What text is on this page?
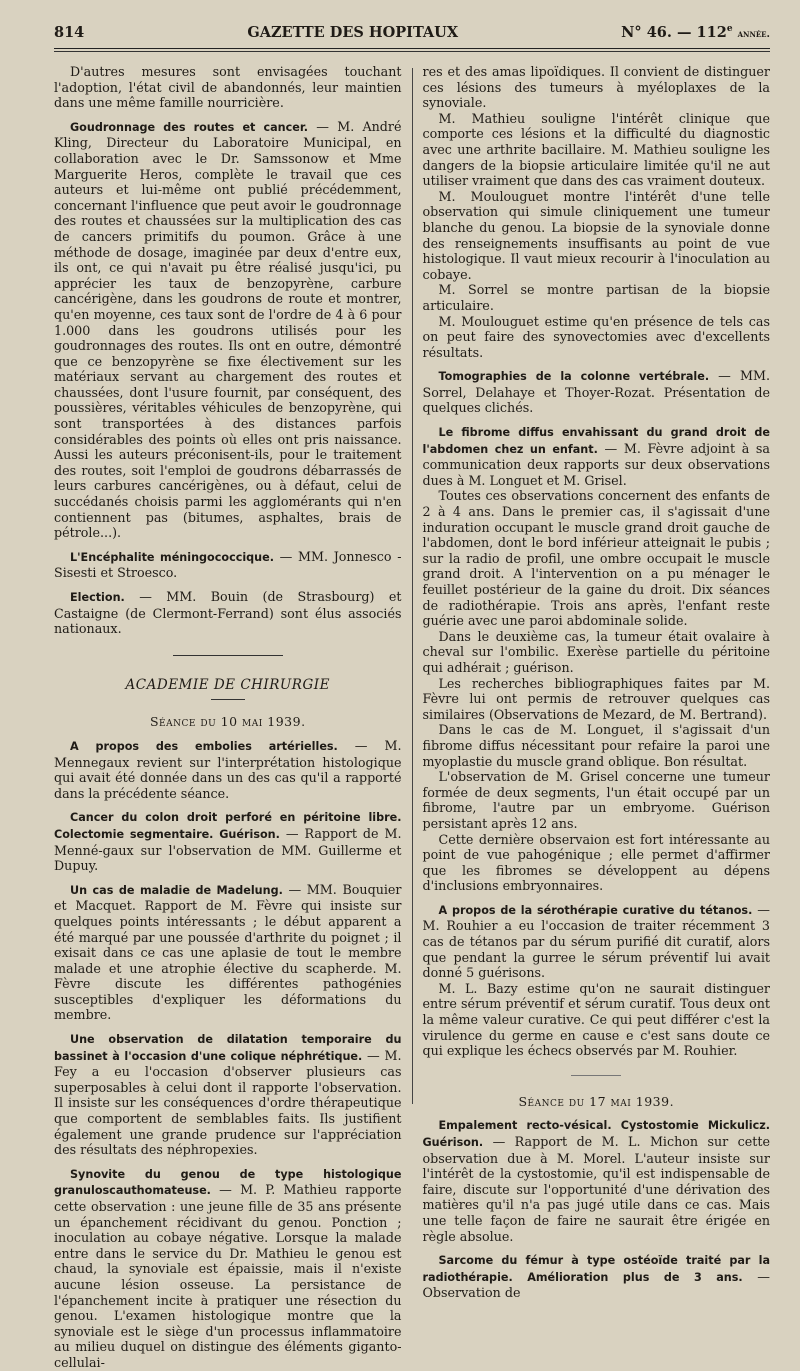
814	GAZETTE DES HOPITAUX	N° 46. — 112e année.

D'autres mesures sont envisagées touchant l'adoption, l'état civil de abandonnés, leur maintien dans une même famille nourricière.

Goudronnage des routes et cancer. — M. André Kling, Directeur du Laboratoire Municipal, en collaboration avec le Dr. Samssonow et Mme Marguerite Heros, complète le travail que ces auteurs et lui-même ont publié précédemment, concernant l'influence que peut avoir le goudronnage des routes et chaussées sur la multiplication des cas de cancers primitifs du poumon. Grâce à une méthode de dosage, imaginée par deux d'entre eux, ils ont, ce qui n'avait pu être réalisé jusqu'ici, pu apprécier les taux de benzopyrène, carbure cancérigène, dans les goudrons de route et montrer, qu'en moyenne, ces taux sont de l'ordre de 4 à 6 pour 1.000 dans les goudrons utilisés pour les goudronnages des routes. Ils ont en outre, démontré que ce benzopyrène se fixe électivement sur les matériaux servant au chargement des routes et chaussées, dont l'usure fournit, par conséquent, des poussières, véritables véhicules de benzopyrène, qui sont transportées à des distances parfois considérables des points où elles ont pris naissance. Aussi les auteurs préconisent-ils, pour le traitement des routes, soit l'emploi de goudrons débarrassés de leurs carbures cancérigènes, ou à défaut, celui de succédanés choisis parmi les agglomérants qui n'en contiennent pas (bitumes, asphaltes, brais de pétrole...).

L'Encéphalite méningococcique. — MM. Jonnesco - Sisesti et Stroesco.

Election. — MM. Bouin (de Strasbourg) et Castaigne (de Clermont-Ferrand) sont élus associés nationaux.

ACADEMIE DE CHIRURGIE
Séance du 10 mai 1939.

A propos des embolies artérielles. — M. Mennegaux revient sur l'interprétation histologique qui avait été donnée dans un des cas qu'il a rapporté dans la précédente séance.

Cancer du colon droit perforé en péritoine libre. Colectomie segmentaire. Guérison. — Rapport de M. Menné-gaux sur l'observation de MM. Guillerme et Dupuy.

Un cas de maladie de Madelung. — MM. Bouquier et Macquet. Rapport de M. Fèvre qui insiste sur quelques points intéressants ; le début apparent a été marqué par une poussée d'arthrite du poignet ; il exisait dans ce cas une aplasie de tout le membre malade et une atrophie élective du scapherde. M. Fèvre discute les différentes pathogénies susceptibles d'expliquer les déformations du membre.

Une observation de dilatation temporaire du bassinet à l'occasion d'une colique néphrétique. — M. Fey a eu l'occasion d'observer plusieurs cas superposables à celui dont il rapporte l'observation. Il insiste sur les conséquences d'ordre thérapeutique que comportent de semblables faits. Ils justifient également une grande prudence sur l'appréciation des résultats des néphropexies.

Synovite du genou de type histologique granuloscauthomateuse. — M. P. Mathieu rapporte cette observation : une jeune fille de 35 ans présente un épanchement récidivant du genou. Ponction ; inoculation au cobaye négative. Lorsque la malade entre dans le service du Dr. Mathieu le genou est chaud, la synoviale est épaissie, mais il n'existe aucune lésion osseuse. La persistance de l'épanchement incite à pratiquer une résection du genou. L'examen histologique montre que la synoviale est le siège d'un processus inflammatoire au milieu duquel on distingue des éléments giganto-cellulai-

res et des amas lipoïdiques. Il convient de distinguer ces lésions des tumeurs à myéloplaxes de la synoviale.

M. Mathieu souligne l'intérêt clinique que comporte ces lésions et la difficulté du diagnostic avec une arthrite bacillaire. M. Mathieu souligne les dangers de la biopsie articulaire limitée qu'il ne aut utiliser vraiment que dans des cas vraiment douteux.

M. Moulouguet montre l'intérêt d'une telle observation qui simule cliniquement une tumeur blanche du genou. La biopsie de la synoviale donne des renseignements insuffisants au point de vue histologique. Il vaut mieux recourir à l'inoculation au cobaye.

M. Sorrel se montre partisan de la biopsie articulaire.

M. Moulouguet estime qu'en présence de tels cas on peut faire des synovectomies avec d'excellents résultats.

Tomographies de la colonne vertébrale. — MM. Sorrel, Delahaye et Thoyer-Rozat. Présentation de quelques clichés.

Le fibrome diffus envahissant du grand droit de l'abdomen chez un enfant. — M. Fèvre adjoint à sa communication deux rapports sur deux observations dues à M. Longuet et M. Grisel.

Toutes ces observations concernent des enfants de 2 à 4 ans. Dans le premier cas, il s'agissait d'une induration occupant le muscle grand droit gauche de l'abdomen, dont le bord inférieur atteignait le pubis ; sur la radio de profil, une ombre occupait le muscle grand droit. A l'intervention on a pu ménager le feuillet postérieur de la gaine du droit. Dix séances de radiothérapie. Trois ans après, l'enfant reste guérie avec une paroi abdominale solide.

Dans le deuxième cas, la tumeur était ovalaire à cheval sur l'ombilic. Exerèse partielle du péritoine qui adhérait ; guérison.

Les recherches bibliographiques faites par M. Fèvre lui ont permis de retrouver quelques cas similaires (Observations de Mezard, de M. Bertrand).

Dans le cas de M. Longuet, il s'agissait d'un fibrome diffus nécessitant pour refaire la paroi une myoplastie du muscle grand oblique. Bon résultat.

L'observation de M. Grisel concerne une tumeur formée de deux segments, l'un était occupé par un fibrome, l'autre par un embryome. Guérison persistant après 12 ans.

Cette dernière observaion est fort intéressante au point de vue pahogénique ; elle permet d'affirmer que les fibromes se développent au dépens d'inclusions embryonnaires.

A propos de la sérothérapie curative du tétanos. — M. Rouhier a eu l'occasion de traiter récemment 3 cas de tétanos par du sérum purifié dit curatif, alors que pendant la gurree le sérum préventif lui avait donné 5 guérisons.

M. L. Bazy estime qu'on ne saurait distinguer entre sérum préventif et sérum curatif. Tous deux ont la même valeur curative. Ce qui peut différer c'est la virulence du germe en cause e c'est sans doute ce qui explique les échecs observés par M. Rouhier.

Séance du 17 mai 1939.

Empalement recto-vésical. Cystostomie Mickulicz. Guérison. — Rapport de M. L. Michon sur cette observation due à M. Morel. L'auteur insiste sur l'intérêt de la cystostomie, qu'il est indispensable de faire, discute sur l'opportunité d'une dérivation des matières qu'il n'a pas jugé utile dans ce cas. Mais une telle façon de faire ne saurait être érigée en règle absolue.

Sarcome du fémur à type ostéoïde traité par la radiothérapie. Amélioration plus de 3 ans. — Observation de
